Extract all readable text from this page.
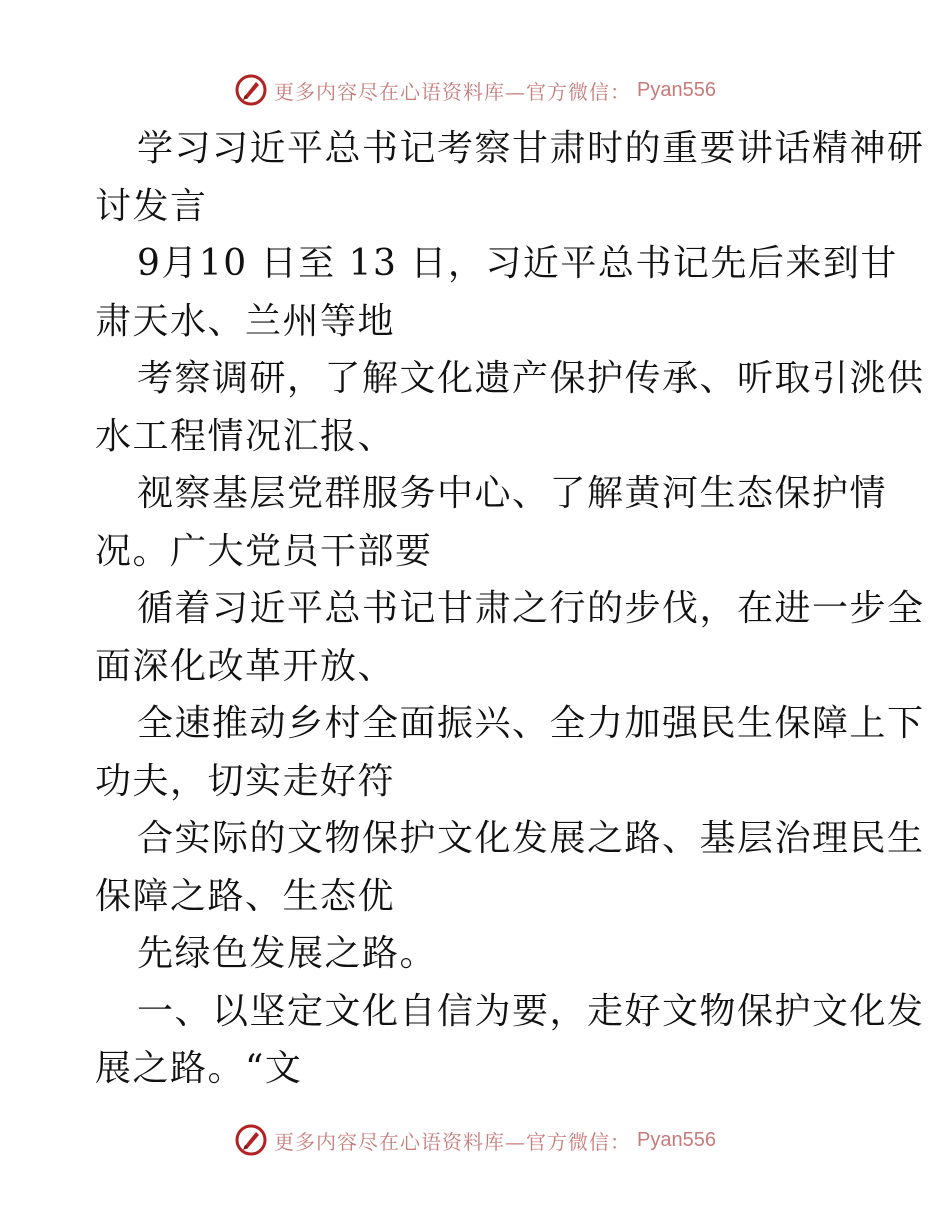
更多内容尽在心语资料库—官方微信： Pyan556

学习习近平总书记考察甘肃时的重要讲话精神研
讨发言

9月10 日至 13 日，习近平总书记先后来到甘
肃天水、兰州等地

考察调研，了解文化遗产保护传承、听取引洮供
水工程情况汇报、

视察基层党群服务中心、了解黄河生态保护情
况。广大党员干部要

循着习近平总书记甘肃之行的步伐，在进一步全
面深化改革开放、

全速推动乡村全面振兴、全力加强民生保障上下
功夫，切实走好符

合实际的文物保护文化发展之路、基层治理民生
保障之路、生态优

先绿色发展之路。

一、以坚定文化自信为要，走好文物保护文化发
展之路。“文

更多内容尽在心语资料库—官方微信： Pyan556
